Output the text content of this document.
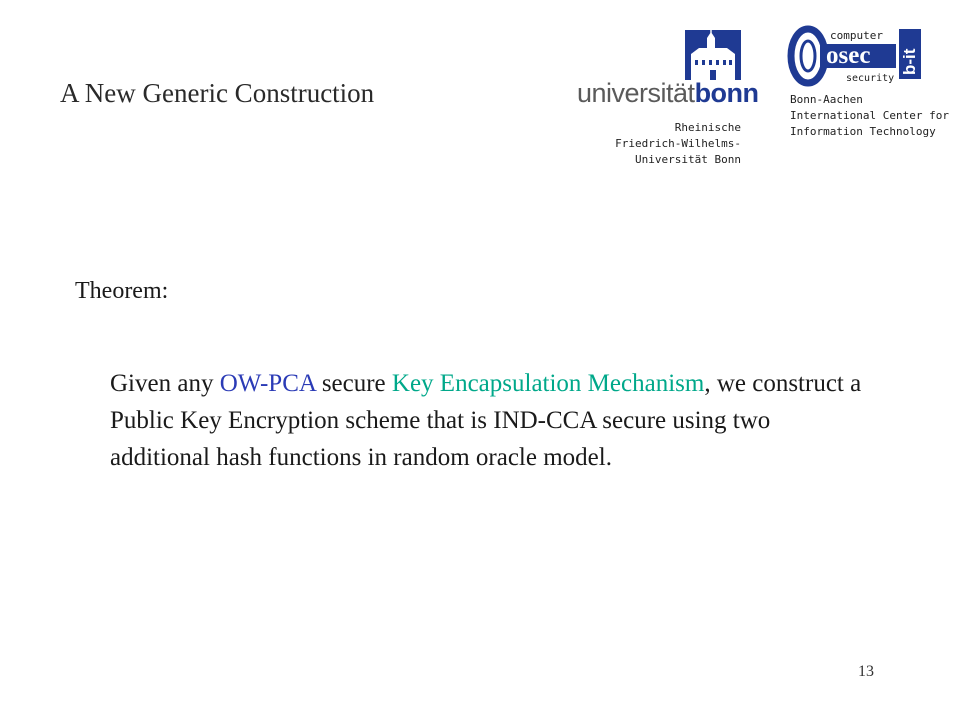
A New Generic Construction	universitätbonn
Rheinische
Friedrich-Wilhelms-
Universität Bonn
computer
osec
security
b-it
Bonn-Aachen
International Center for
Information Technology
Theorem:
Given any OW-PCA secure Key Encapsulation Mechanism, we construct a Public Key Encryption scheme that is IND-CCA secure using two additional hash functions in random oracle model.
13
